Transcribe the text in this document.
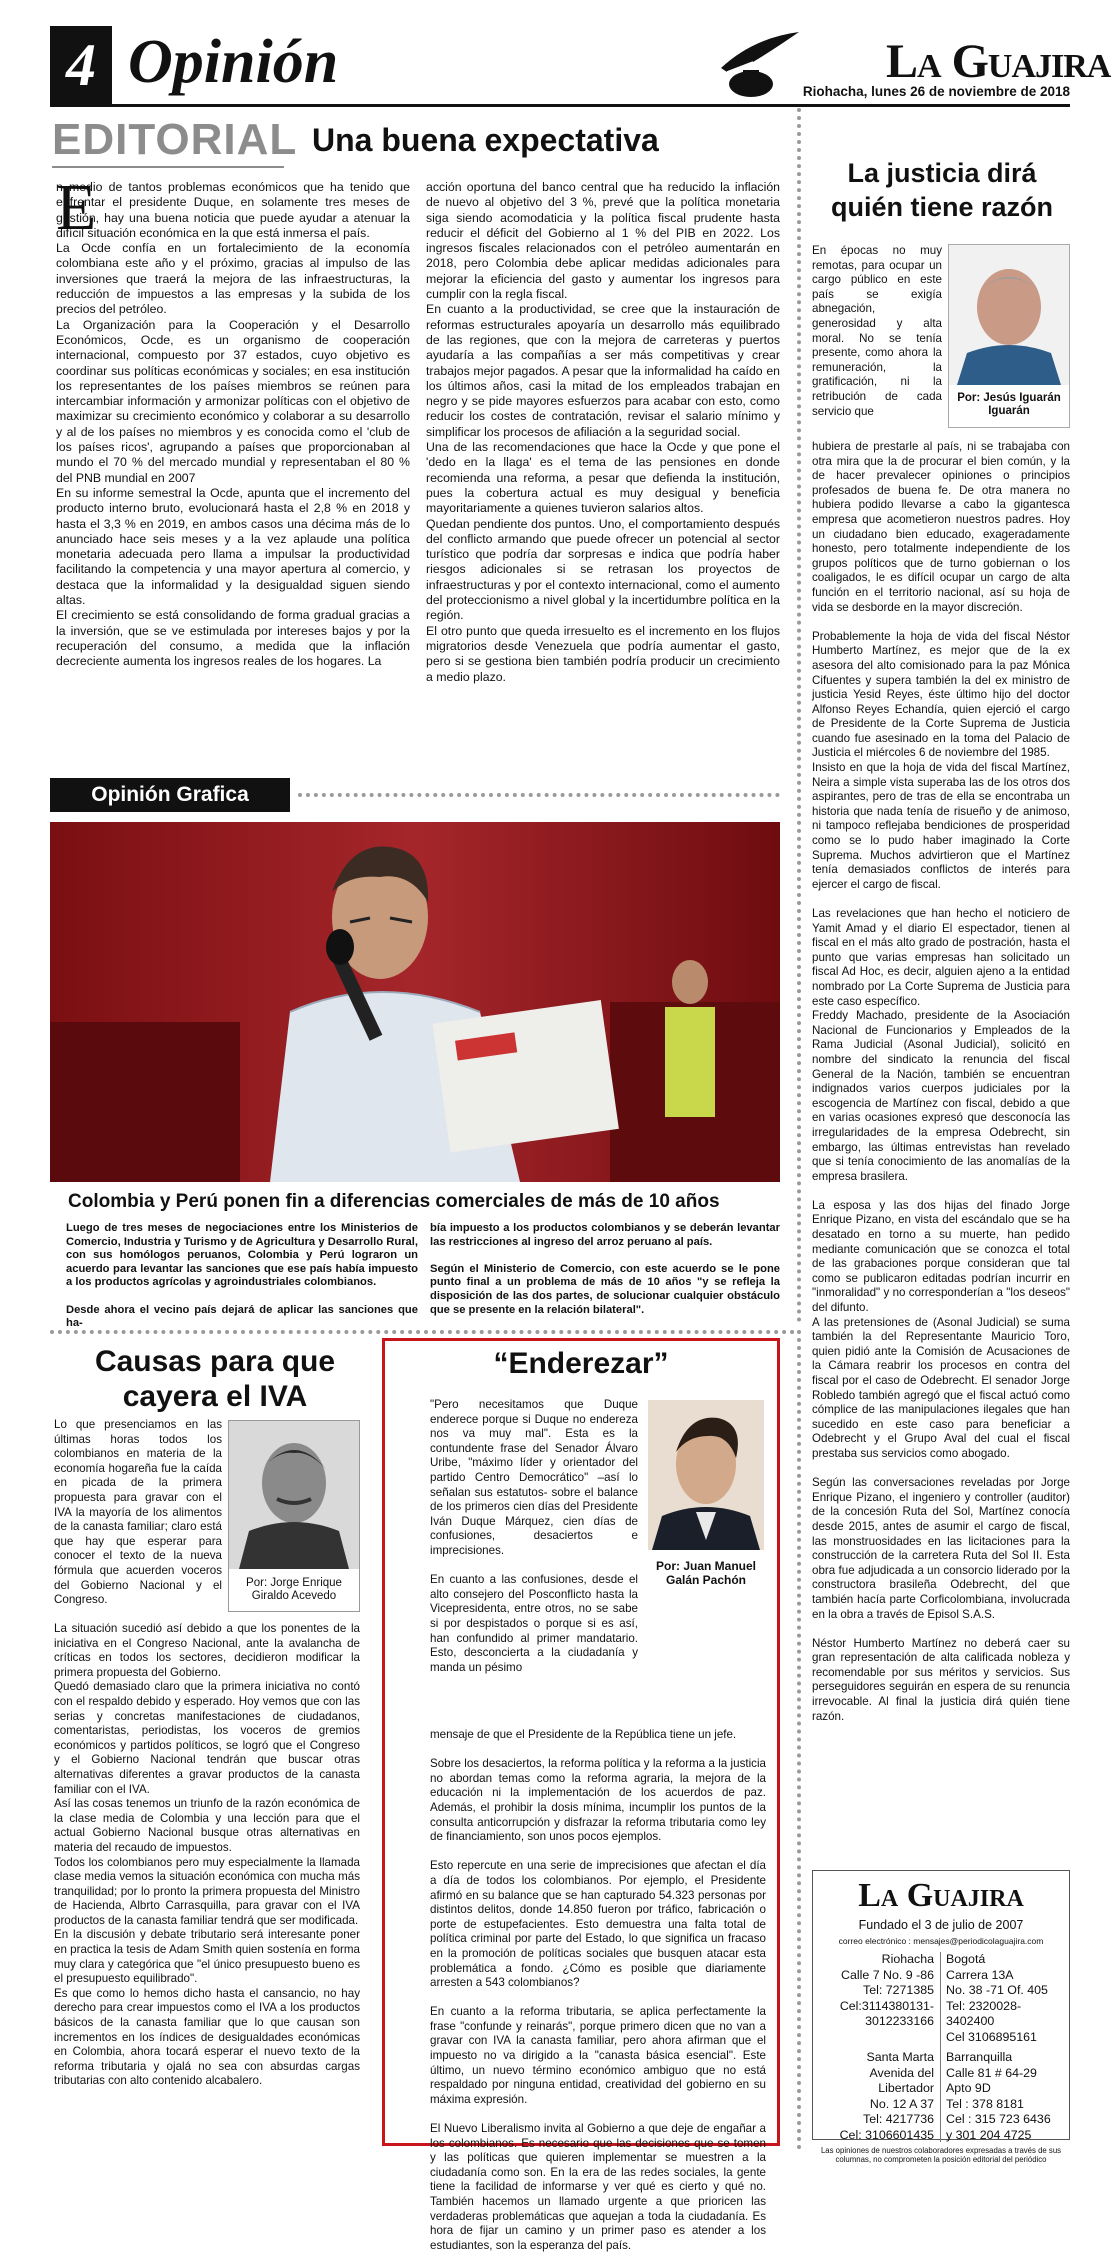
4 Opinión	La Guajira
Riohacha, lunes 26 de noviembre de 2018
EDITORIAL Una buena expectativa
E
n medio de tantos problemas económicos que ha tenido que enfrentar el presidente Duque, en solamente tres meses de gestión, hay una buena noticia que puede ayudar a atenuar la difícil situación económica en la que está inmersa el país.
La Ocde confía en un fortalecimiento de la economía colombiana este año y el próximo, gracias al impulso de las inversiones que traerá la mejora de las infraestructuras, la reducción de impuestos a las empresas y la subida de los precios del petróleo.
La Organización para la Cooperación y el Desarrollo Económicos, Ocde, es un organismo de cooperación internacional, compuesto por 37 estados, cuyo objetivo es coordinar sus políticas económicas y sociales; en esa institución los representantes de los países miembros se reúnen para intercambiar información y armonizar políticas con el objetivo de maximizar su crecimiento económico y colaborar a su desarrollo y al de los países no miembros y es conocida como el 'club de los países ricos', agrupando a países que proporcionaban al mundo el 70 % del mercado mundial y representaban el 80 % del PNB mundial en 2007
En su informe semestral la Ocde, apunta que el incremento del producto interno bruto, evolucionará hasta el 2,8 % en 2018 y hasta el 3,3 % en 2019, en ambos casos una décima más de lo anunciado hace seis meses y a la vez aplaude una política monetaria adecuada pero llama a impulsar la productividad facilitando la competencia y una mayor apertura al comercio, y destaca que la informalidad y la desigualdad siguen siendo altas.
El crecimiento se está consolidando de forma gradual gracias a la inversión, que se ve estimulada por intereses bajos y por la recuperación del consumo, a medida que la inflación decreciente aumenta los ingresos reales de los hogares. La
acción oportuna del banco central que ha reducido la inflación de nuevo al objetivo del 3 %, prevé que la política monetaria siga siendo acomodaticia y la política fiscal prudente hasta reducir el déficit del Gobierno al 1 % del PIB en 2022. Los ingresos fiscales relacionados con el petróleo aumentarán en 2018, pero Colombia debe aplicar medidas adicionales para mejorar la eficiencia del gasto y aumentar los ingresos para cumplir con la regla fiscal.
En cuanto a la productividad, se cree que la instauración de reformas estructurales apoyaría un desarrollo más equilibrado de las regiones, que con la mejora de carreteras y puertos ayudaría a las compañías a ser más competitivas y crear trabajos mejor pagados. A pesar que la informalidad ha caído en los últimos años, casi la mitad de los empleados trabajan en negro y se pide mayores esfuerzos para acabar con esto, como reducir los costes de contratación, revisar el salario mínimo y simplificar los procesos de afiliación a la seguridad social.
Una de las recomendaciones que hace la Ocde y que pone el 'dedo en la llaga' es el tema de las pensiones en donde recomienda una reforma, a pesar que defienda la institución, pues la cobertura actual es muy desigual y beneficia mayoritariamente a quienes tuvieron salarios altos.
Quedan pendiente dos puntos. Uno, el comportamiento después del conflicto armando que puede ofrecer un potencial al sector turístico que podría dar sorpresas e indica que podría haber riesgos adicionales si se retrasan los proyectos de infraestructuras y por el contexto internacional, como el aumento del proteccionismo a nivel global y la incertidumbre política en la región.
El otro punto que queda irresuelto es el incremento en los flujos migratorios desde Venezuela que podría aumentar el gasto, pero si se gestiona bien también podría producir un crecimiento a medio plazo.
Opinión Grafica
Colombia y Perú ponen fin a diferencias comerciales de más de 10 años
Luego de tres meses de negociaciones entre los Ministerios de Comercio, Industria y Turismo y de Agricultura y Desarrollo Rural, con sus homólogos peruanos, Colombia y Perú lograron un acuerdo para levantar las sanciones que ese país había impuesto a los productos agrícolas y agroindustriales colombianos.

Desde ahora el vecino país dejará de aplicar las sanciones que ha-
bía impuesto a los productos colombianos y se deberán levantar las restricciones al ingreso del arroz peruano al país.

Según el Ministerio de Comercio, con este acuerdo se le pone punto final a un problema de más de 10 años "y se refleja la disposición de las dos partes, de solucionar cualquier obstáculo que se presente en la relación bilateral".
Causas para que cayera el IVA
Lo que presenciamos en las últimas horas todos los colombianos en materia de la economía hogareña fue la caída en picada de la primera propuesta para gravar con el IVA la mayoría de los alimentos de la canasta familiar; claro está que hay que esperar para conocer el texto de la nueva fórmula que acuerden voceros del Gobierno Nacional y el Congreso.
Por: Jorge Enrique Giraldo Acevedo
La situación sucedió así debido a que los ponentes de la iniciativa en el Congreso Nacional, ante la avalancha de críticas en todos los sectores, decidieron modificar la primera propuesta del Gobierno.
Quedó demasiado claro que la primera iniciativa no contó con el respaldo debido y esperado. Hoy vemos que con las serias y concretas manifestaciones de ciudadanos, comentaristas, periodistas, los voceros de gremios económicos y partidos políticos, se logró que el Congreso y el Gobierno Nacional tendrán que buscar otras alternativas diferentes a gravar productos de la canasta familiar con el IVA.
Así las cosas tenemos un triunfo de la razón económica de la clase media de Colombia y una lección para que el actual Gobierno Nacional busque otras alternativas en materia del recaudo de impuestos.
Todos los colombianos pero muy especialmente la llamada clase media vemos la situación económica con mucha más tranquilidad; por lo pronto la primera propuesta del Ministro de Hacienda, Albrto Carrasquilla, para gravar con el IVA productos de la canasta familiar tendrá que ser modificada.
En la discusión y debate tributario será interesante poner en practica la tesis de Adam Smith quien sostenía en forma muy clara y categórica que "el único presupuesto bueno es el presupuesto equilibrado".
Es que como lo hemos dicho hasta el cansancio, no hay derecho para crear impuestos como el IVA a los productos básicos de la canasta familiar que lo que causan son incrementos en los índices de desigualdades económicas en Colombia, ahora tocará esperar el nuevo texto de la reforma tributaria y ojalá no sea con absurdas cargas tributarias con alto contenido alcabalero.
“Enderezar”
"Pero necesitamos que Duque enderece porque si Duque no endereza nos va muy mal". Esta es la contundente frase del Senador Álvaro Uribe, "máximo líder y orientador del partido Centro Democrático" –así lo señalan sus estatutos- sobre el balance de los primeros cien días del Presidente Iván Duque Márquez, cien días de confusiones, desaciertos e imprecisiones.

En cuanto a las confusiones, desde el alto consejero del Posconflicto hasta la Vicepresidenta, entre otros, no se sabe si por despistados o porque si es así, han confundido al primer mandatario. Esto, desconcierta a la ciudadanía y manda un pésimo
Por: Juan Manuel Galán Pachón
mensaje de que el Presidente de la República tiene un jefe.

Sobre los desaciertos, la reforma política y la reforma a la justicia no abordan temas como la reforma agraria, la mejora de la educación ni la implementación de los acuerdos de paz. Además, el prohibir la dosis mínima, incumplir los puntos de la consulta anticorrupción y disfrazar la reforma tributaria como ley de financiamiento, son unos pocos ejemplos.

Esto repercute en una serie de imprecisiones que afectan el día a día de todos los colombianos. Por ejemplo, el Presidente afirmó en su balance que se han capturado 54.323 personas por distintos delitos, donde 14.850 fueron por tráfico, fabricación o porte de estupefacientes. Esto demuestra una falta total de política criminal por parte del Estado, lo que significa un fracaso en la promoción de políticas sociales que busquen atacar esta problemática a fondo. ¿Cómo es posible que diariamente arresten a 543 colombianos?

En cuanto a la reforma tributaria, se aplica perfectamente la frase "confunde y reinarás", porque primero dicen que no van a gravar con IVA la canasta familiar, pero ahora afirman que el impuesto no va dirigido a la "canasta básica esencial". Este último, un nuevo término económico ambiguo que no está respaldado por ninguna entidad, creatividad del gobierno en su máxima expresión.

El Nuevo Liberalismo invita al Gobierno a que deje de engañar a los colombianos. Es necesario que las decisiones que se tomen y las políticas que quieren implementar se muestren a la ciudadanía como son. En la era de las redes sociales, la gente tiene la facilidad de informarse y ver qué es cierto y qué no. También hacemos un llamado urgente a que prioricen las verdaderas problemáticas que aquejan a toda la ciudadanía. Es hora de fijar un camino y un primer paso es atender a los estudiantes, son la esperanza del país.
La justicia dirá quién tiene razón
En épocas no muy remotas, para ocupar un cargo público en este país se exigía abnegación, generosidad y alta moral. No se tenía presente, como ahora la remuneración, la gratificación, ni la retribución de cada servicio que
Por: Jesús Iguarán Iguarán
hubiera de prestarle al país, ni se trabajaba con otra mira que la de procurar el bien común, y la de hacer prevalecer opiniones o principios profesados de buena fe. De otra manera no hubiera podido llevarse a cabo la gigantesca empresa que acometieron nuestros padres. Hoy un ciudadano bien educado, exageradamente honesto, pero totalmente independiente de los grupos políticos que de turno gobiernan o los coaligados, le es difícil ocupar un cargo de alta función en el territorio nacional, así su hoja de vida se desborde en la mayor discreción.

Probablemente la hoja de vida del fiscal Néstor Humberto Martínez, es mejor que de la ex asesora del alto comisionado para la paz Mónica Cifuentes y supera también la del ex ministro de justicia Yesid Reyes, éste último hijo del doctor Alfonso Reyes Echandía, quien ejerció el cargo de Presidente de la Corte Suprema de Justicia cuando fue asesinado en la toma del Palacio de Justicia el miércoles 6 de noviembre del 1985.
Insisto en que la hoja de vida del fiscal Martínez, Neira a simple vista superaba las de los otros dos aspirantes, pero de tras de ella se encontraba un historia que nada tenía de risueño y de animoso, ni tampoco reflejaba bendiciones de prosperidad como se lo pudo haber imaginado la Corte Suprema. Muchos advirtieron que el Martínez tenía demasiados conflictos de interés para ejercer el cargo de fiscal.

Las revelaciones que han hecho el noticiero de Yamit Amad y el diario El espectador, tienen al fiscal en el más alto grado de postración, hasta el punto que varias empresas han solicitado un fiscal Ad Hoc, es decir, alguien ajeno a la entidad nombrado por La Corte Suprema de Justicia para este caso específico.
Freddy Machado, presidente de la Asociación Nacional de Funcionarios y Empleados de la Rama Judicial (Asonal Judicial), solicitó en nombre del sindicato la renuncia del fiscal General de la Nación, también se encuentran indignados varios cuerpos judiciales por la escogencia de Martínez con fiscal, debido a que en varias ocasiones expresó que desconocía las irregularidades de la empresa Odebrecht, sin embargo, las últimas entrevistas han revelado que si tenía conocimiento de las anomalías de la empresa brasilera.

La esposa y las dos hijas del finado Jorge Enrique Pizano, en vista del escándalo que se ha desatado en torno a su muerte, han pedido mediante comunicación que se conozca el total de las grabaciones porque consideran que tal como se publicaron editadas podrían incurrir en "inmoralidad" y no corresponderían a "los deseos" del difunto.
A las pretensiones de (Asonal Judicial) se suma también la del Representante Mauricio Toro, quien pidió ante la Comisión de Acusaciones de la Cámara reabrir los procesos en contra del fiscal por el caso de Odebrecht. El senador Jorge Robledo también agregó que el fiscal actuó como cómplice de las manipulaciones ilegales que han sucedido en este caso para beneficiar a Odebrecht y el Grupo Aval del cual el fiscal prestaba sus servicios como abogado.

Según las conversaciones reveladas por Jorge Enrique Pizano, el ingeniero y controller (auditor) de la concesión Ruta del Sol, Martínez conocía desde 2015, antes de asumir el cargo de fiscal, las monstruosidades en las licitaciones para la construcción de la carretera Ruta del Sol II. Esta obra fue adjudicada a un consorcio liderado por la constructora brasileña Odebrecht, del que también hacía parte Corficolombiana, involucrada en la obra a través de Episol S.A.S.

Néstor Humberto Martínez no deberá caer su gran representación de alta calificada nobleza y recomendable por sus méritos y servicios. Sus perseguidores seguirán en espera de su renuncia irrevocable. Al final la justicia dirá quién tiene razón.
La Guajira
Fundado el 3 de julio de 2007
correo electrónico : mensajes@periodicolaguajira.com
Riohacha
Calle 7 No. 9 -86
Tel: 7271385
Cel:3114380131-
3012233166
Bogotá
Carrera 13A
No. 38 -71 Of. 405
Tel: 2320028-
3402400
Cel 3106895161
Santa Marta
Avenida del
Libertador
No. 12 A 37
Tel: 4217736
Cel: 3106601435
Barranquilla
Calle 81 # 64-29
Apto 9D
Tel : 378 8181
Cel : 315 723 6436
y 301 204 4725
Las opiniones de nuestros colaboradores expresadas a través de sus columnas, no comprometen la posición editorial del periódico
